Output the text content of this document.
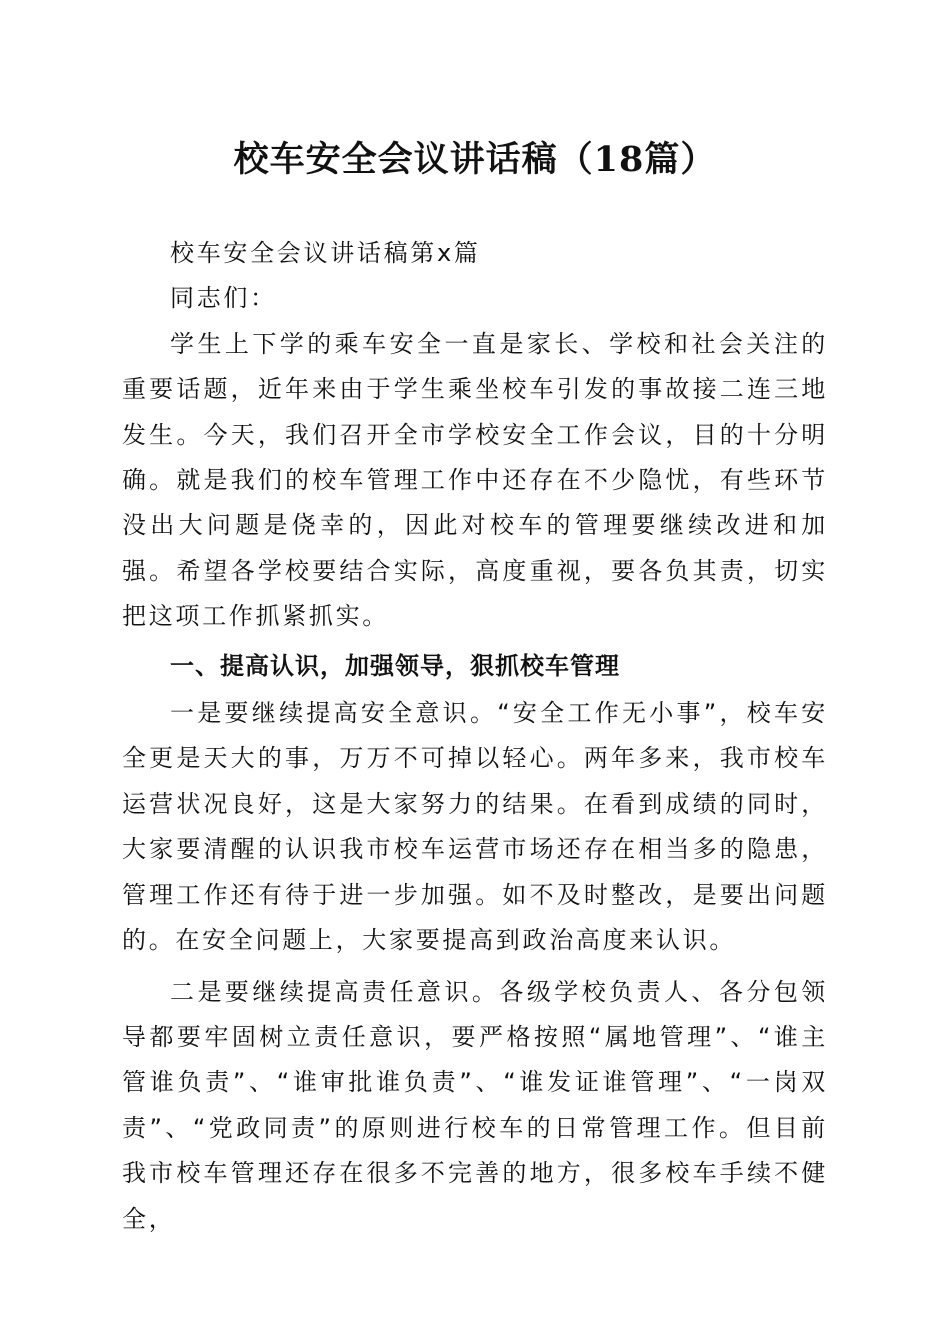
校车安全会议讲话稿（18篇）

校车安全会议讲话稿第x篇

同志们：

学生上下学的乘车安全一直是家长、学校和社会关注的重要话题，近年来由于学生乘坐校车引发的事故接二连三地发生。今天，我们召开全市学校安全工作会议，目的十分明确。就是我们的校车管理工作中还存在不少隐忧，有些环节没出大问题是侥幸的，因此对校车的管理要继续改进和加强。希望各学校要结合实际，高度重视，要各负其责，切实把这项工作抓紧抓实。

一、提高认识，加强领导，狠抓校车管理

一是要继续提高安全意识。“安全工作无小事”，校车安全更是天大的事，万万不可掉以轻心。两年多来，我市校车运营状况良好，这是大家努力的结果。在看到成绩的同时，大家要清醒的认识我市校车运营市场还存在相当多的隐患，管理工作还有待于进一步加强。如不及时整改，是要出问题的。在安全问题上，大家要提高到政治高度来认识。

二是要继续提高责任意识。各级学校负责人、各分包领导都要牢固树立责任意识，要严格按照“属地管理”、“谁主管谁负责”、“谁审批谁负责”、“谁发证谁管理”、“一岗双责”、“党政同责”的原则进行校车的日常管理工作。但目前我市校车管理还存在很多不完善的地方，很多校车手续不健全，
